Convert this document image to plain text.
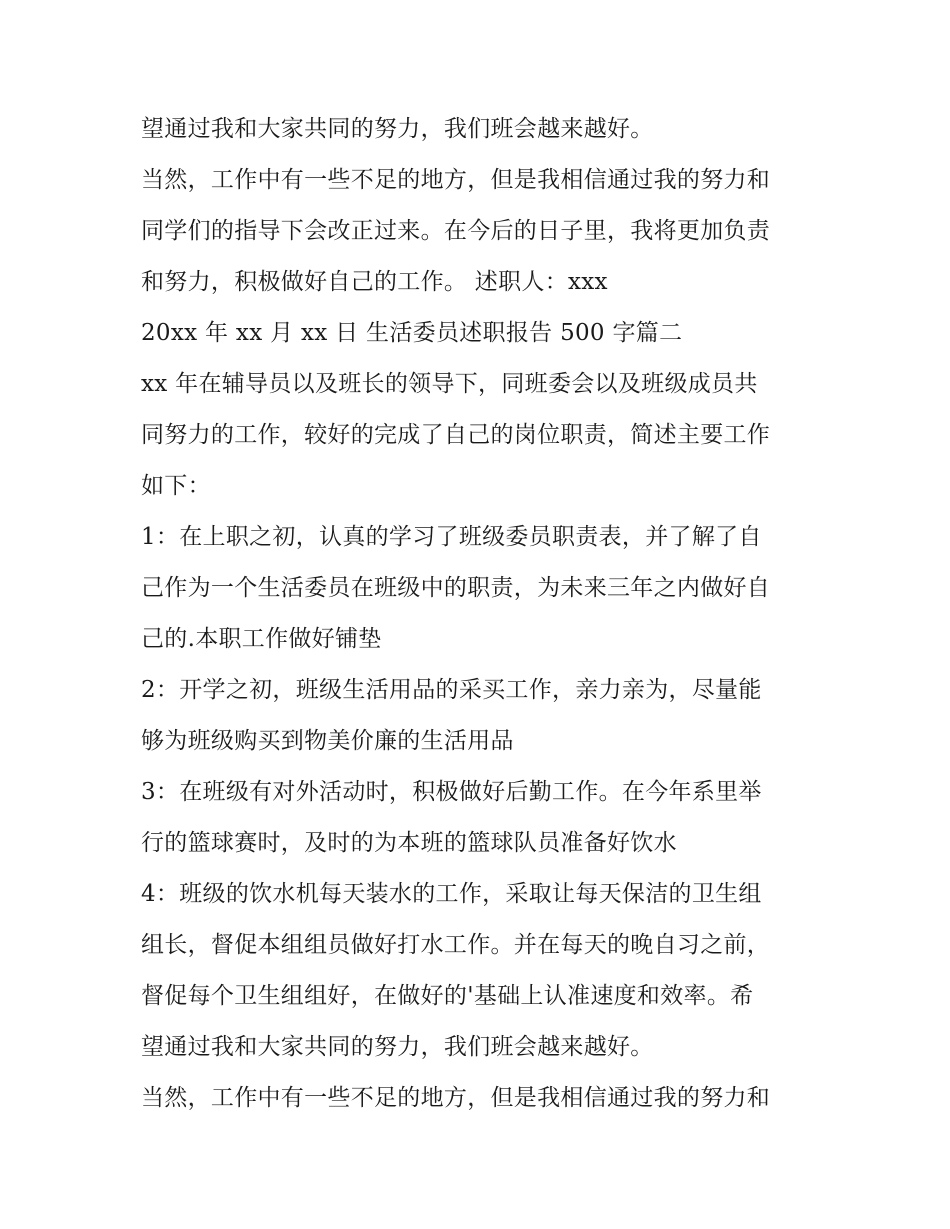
望通过我和大家共同的努力，我们班会越来越好。
当然，工作中有一些不足的地方，但是我相信通过我的努力和
同学们的指导下会改正过来。在今后的日子里，我将更加负责
和努力，积极做好自己的工作。 述职人：xxx
20xx 年 xx 月 xx 日 生活委员述职报告 500 字篇二
xx 年在辅导员以及班长的领导下，同班委会以及班级成员共
同努力的工作，较好的完成了自己的岗位职责，简述主要工作
如下：
1：在上职之初，认真的学习了班级委员职责表，并了解了自
己作为一个生活委员在班级中的职责，为未来三年之内做好自
己的.本职工作做好铺垫
2：开学之初，班级生活用品的采买工作，亲力亲为，尽量能
够为班级购买到物美价廉的生活用品
3：在班级有对外活动时，积极做好后勤工作。在今年系里举
行的篮球赛时，及时的为本班的篮球队员准备好饮水
4：班级的饮水机每天装水的工作，采取让每天保洁的卫生组
组长，督促本组组员做好打水工作。并在每天的晚自习之前，
督促每个卫生组组好，在做好的'基础上认准速度和效率。希
望通过我和大家共同的努力，我们班会越来越好。
当然，工作中有一些不足的地方，但是我相信通过我的努力和
